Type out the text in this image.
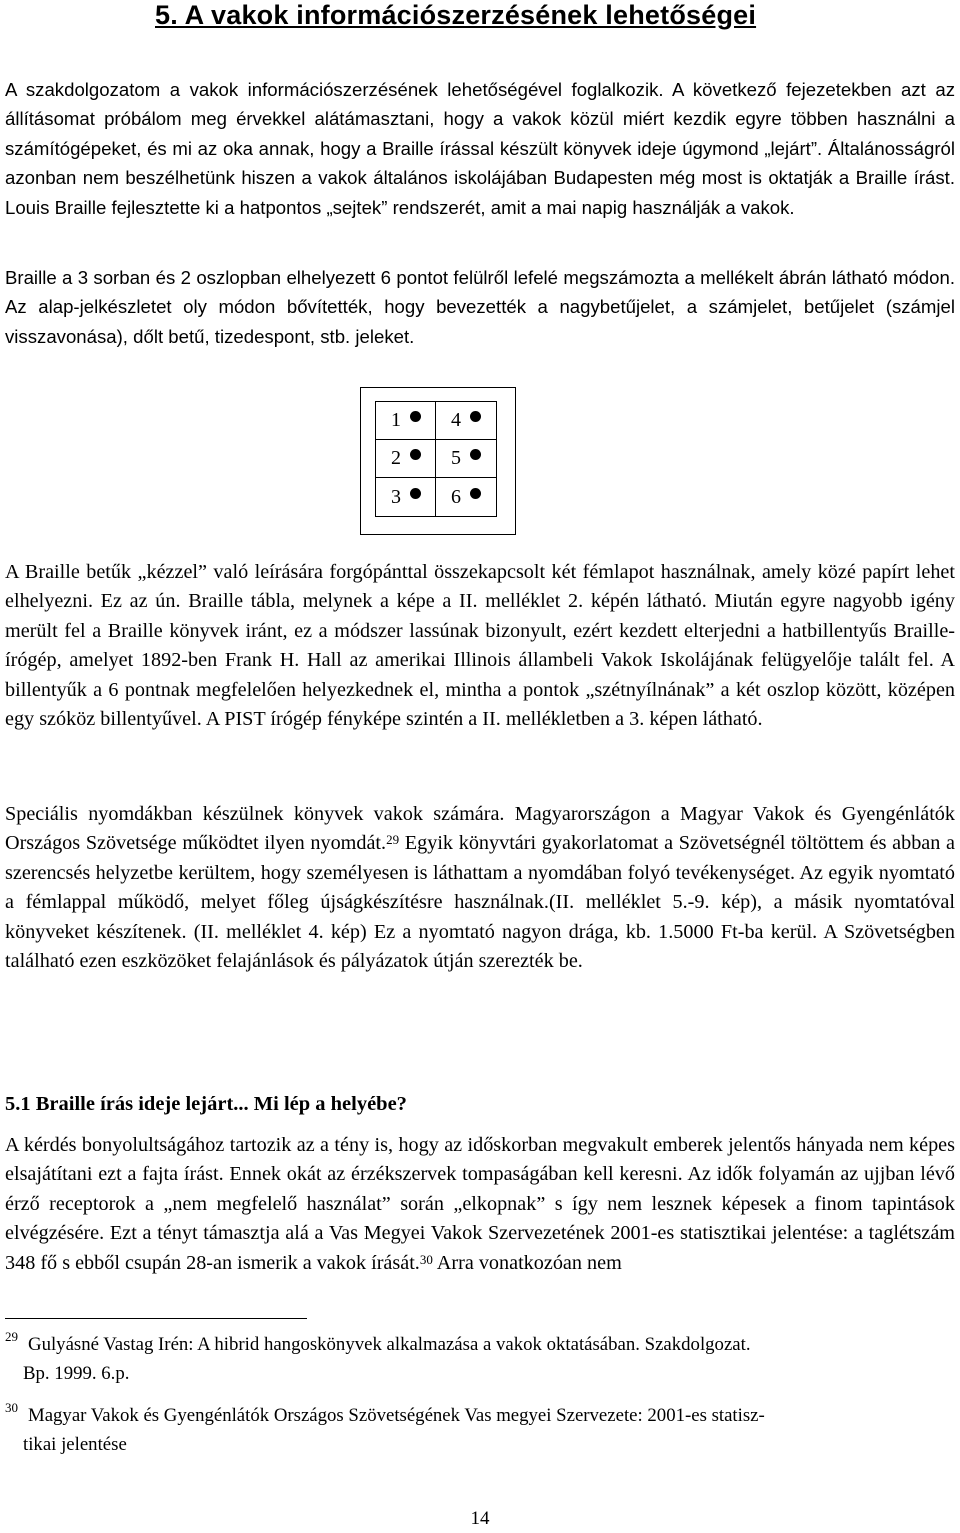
5. A vakok információszerzésének lehetőségei

A szakdolgozatom a vakok információszerzésének lehetőségével foglalkozik. A következő fejezetekben azt az állításomat próbálom meg érvekkel alátámasztani, hogy a vakok közül miért kezdik egyre többen használni a számítógépeket, és mi az oka annak, hogy a Braille írással készült könyvek ideje úgymond „lejárt”. Általánosságról azonban nem beszélhetünk hiszen a vakok általános iskolájában Budapesten még most is oktatják a Braille írást. Louis Braille fejlesztette ki a hatpontos „sejtek” rendszerét, amit a mai napig használják a vakok.

Braille a 3 sorban és 2 oszlopban elhelyezett 6 pontot felülről lefelé megszámozta a mellékelt ábrán látható módon. Az alap-jelkészletet oly módon bővítették, hogy bevezették a nagybetűjelet, a számjelet, betűjelet (számjel visszavonása), dőlt betű, tizedespont, stb. jeleket.

1	4
2	5
3	6

A Braille betűk „kézzel” való leírására forgópánttal összekapcsolt két fémlapot használnak, amely közé papírt lehet elhelyezni. Ez az ún. Braille tábla, melynek a képe a II. melléklet 2. képén látható. Miután egyre nagyobb igény merült fel a Braille könyvek iránt, ez a módszer lassúnak bizonyult, ezért kezdett elterjedni a hatbillentyűs Braille-írógép, amelyet 1892-ben Frank H. Hall az amerikai Illinois állambeli Vakok Iskolájának felügyelője talált fel. A billentyűk a 6 pontnak megfelelően helyezkednek el, mintha a pontok „szétnyílnának” a két oszlop között, középen egy szóköz billentyűvel. A PIST írógép fényképe szintén a II. mellékletben a 3. képen látható.

Speciális nyomdákban készülnek könyvek vakok számára. Magyarországon a Magyar Vakok és Gyengénlátók Országos Szövetsége működtet ilyen nyomdát.$^{29}$ Egyik könyvtári gyakorlatomat a Szövetségnél töltöttem és abban a szerencsés helyzetbe kerültem, hogy személyesen is láthattam a nyomdában folyó tevékenységet. Az egyik nyomtató a fémlappal működő, melyet főleg újságkészítésre használnak.(II. melléklet 5.-9. kép), a másik nyomtatóval könyveket készítenek. (II. melléklet 4. kép) Ez a nyomtató nagyon drága, kb. 1.5000 Ft-ba kerül. A Szövetségben található ezen eszközöket felajánlások és pályázatok útján szerezték be.

5.1 Braille írás ideje lejárt... Mi lép a helyébe?

A kérdés bonyolultságához tartozik az a tény is, hogy az időskorban megvakult emberek jelentős hányada nem képes elsajátítani ezt a fajta írást. Ennek okát az érzékszervek tompaságában kell keresni. Az idők folyamán az ujjban lévő érző receptorok a „nem megfelelő használat” során „elkopnak” s így nem lesznek képesek a finom tapintások elvégzésére. Ezt a tényt támasztja alá a Vas Megyei Vakok Szervezetének 2001-es statisztikai jelentése: a taglétszám 348 fő s ebből csupán 28-an ismerik a vakok írását.$^{30}$ Arra vonatkozóan nem

$^{29}$ Gulyásné Vastag Irén: A hibrid hangoskönyvek alkalmazása a vakok oktatásában. Szakdolgozat.
Bp. 1999. 6.p.

$^{30}$ Magyar Vakok és Gyengénlátók Országos Szövetségének Vas megyei Szervezete: 2001-es statisz-
tikai jelentése

14
